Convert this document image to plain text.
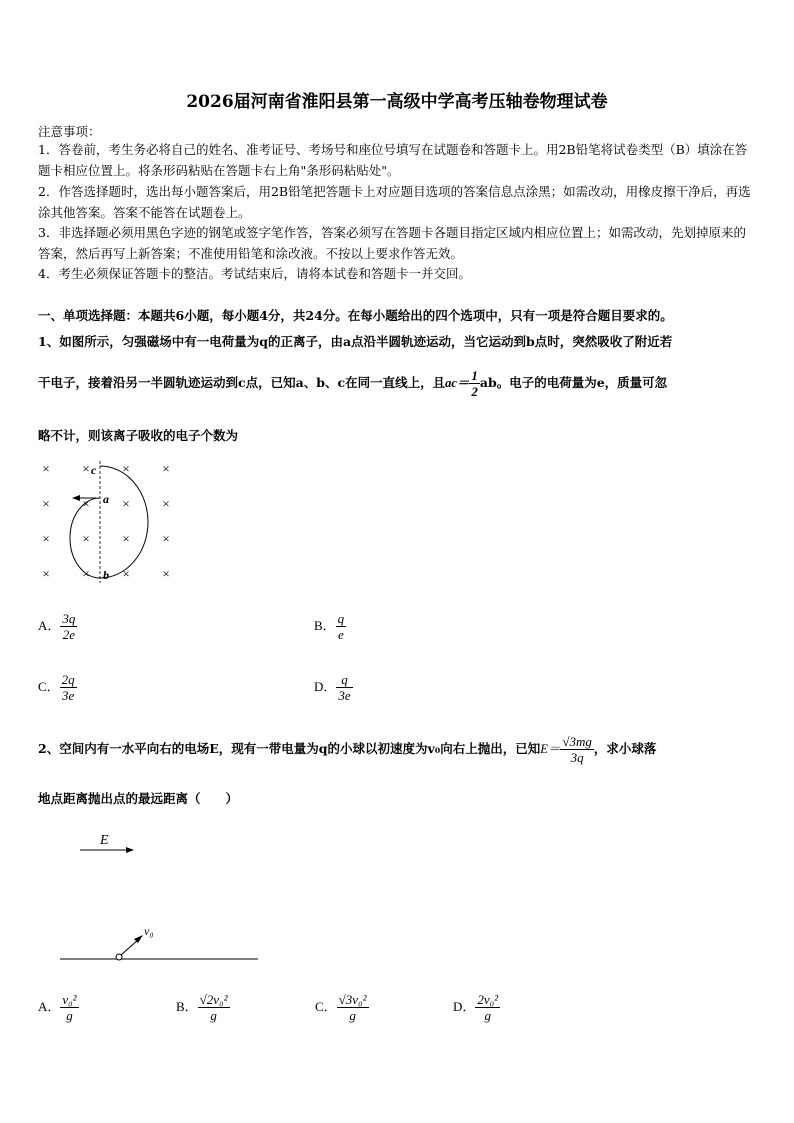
2026届河南省淮阳县第一高级中学高考压轴卷物理试卷
注意事项：
1．答卷前，考生务必将自己的姓名、准考证号、考场号和座位号填写在试题卷和答题卡上。用2B铅笔将试卷类型（B）填涂在答题卡相应位置上。将条形码粘贴在答题卡右上角"条形码粘贴处"。
2．作答选择题时，选出每小题答案后，用2B铅笔把答题卡上对应题目选项的答案信息点涂黑；如需改动，用橡皮擦干净后，再选涂其他答案。答案不能答在试题卷上。
3．非选择题必须用黑色字迹的钢笔或签字笔作答，答案必须写在答题卡各题目指定区域内相应位置上；如需改动，先划掉原来的答案，然后再写上新答案；不准使用铅笔和涂改液。不按以上要求作答无效。
4．考生必须保证答题卡的整洁。考试结束后，请将本试卷和答题卡一并交回。
一、单项选择题：本题共6小题，每小题4分，共24分。在每小题给出的四个选项中，只有一项是符合题目要求的。
1、如图所示，匀强磁场中有一电荷量为q的正离子，由a点沿半圆轨迹运动，当它运动到b点时，突然吸收了附近若
干电子，接着沿另一半圆轨迹运动到c点，已知a、b、c在同一直线上，且$ac= \frac{1}{2}$ ab。电子的电荷量为e，质量可忽
略不计，则该离子吸收的电子个数为
×	×	×	×
×	×	×	×
×	×	×	×
×	×	×	×
c
a
b
A． $\frac{3q}{2e}$	B． $\frac{q}{e}$
C． $\frac{2q}{3e}$	D． $\frac{q}{3e}$
2、空间内有一水平向右的电场E，现有一带电量为q的小球以初速度为v₀向右上抛出，已知$E= \frac{√3mg}{3q}$ ，求小球落
地点距离抛出点的最远距离（　　）
E
v₀
A． $\frac{\text{v₀²}}{g}$	B． $\frac{\text{√2v₀²}}{g}$	C． $\frac{\text{√3v₀²}}{g}$	D． $\frac{\text{2v₀²}}{g}$
